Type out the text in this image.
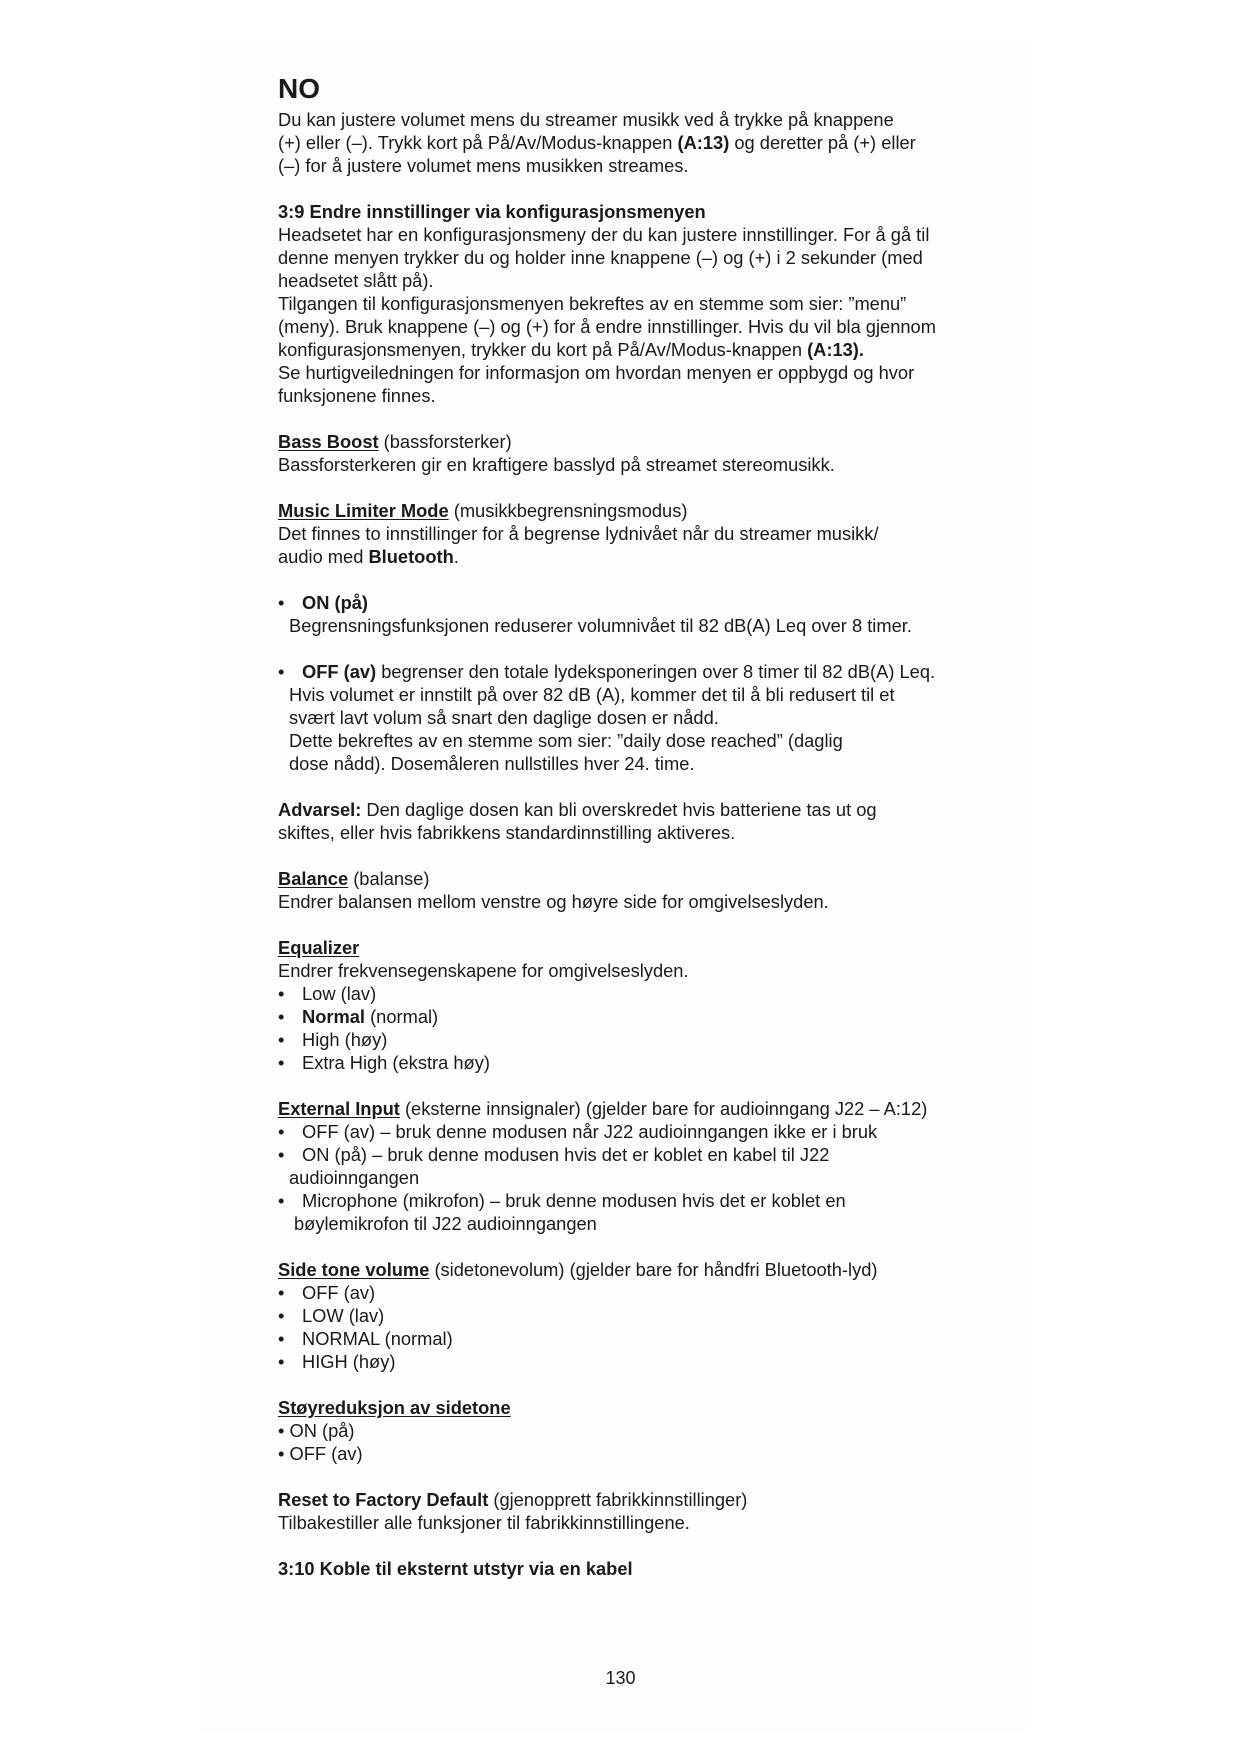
NO

Du kan justere volumet mens du streamer musikk ved å trykke på knappene
(+) eller (–). Trykk kort på På/Av/Modus-knappen (A:13) og deretter på (+) eller
(–) for å justere volumet mens musikken streames.

3:9 Endre innstillinger via konfigurasjonsmenyen

Headsetet har en konfigurasjonsmeny der du kan justere innstillinger. For å gå til
denne menyen trykker du og holder inne knappene (–) og (+) i 2 sekunder (med
headsetet slått på).

Tilgangen til konfigurasjonsmenyen bekreftes av en stemme som sier: ”menu”
(meny). Bruk knappene (–) og (+) for å endre innstillinger. Hvis du vil bla gjennom
konfigurasjonsmenyen, trykker du kort på På/Av/Modus-knappen (A:13).

Se hurtigveiledningen for informasjon om hvordan menyen er oppbygd og hvor
funksjonene finnes.

Bass Boost (bassforsterker)

Bassforsterkeren gir en kraftigere basslyd på streamet stereomusikk.

Music Limiter Mode (musikkbegrensningsmodus)

Det finnes to innstillinger for å begrense lydnivået når du streamer musikk/
audio med Bluetooth.

• ON (på)

Begrensningsfunksjonen reduserer volumnivået til 82 dB(A) Leq over 8 timer.

• OFF (av) begrenser den totale lydeksponeringen over 8 timer til 82 dB(A) Leq.

Hvis volumet er innstilt på over 82 dB (A), kommer det til å bli redusert til et
svært lavt volum så snart den daglige dosen er nådd.
Dette bekreftes av en stemme som sier: ”daily dose reached” (daglig
dose nådd). Dosemåleren nullstilles hver 24. time.

Advarsel: Den daglige dosen kan bli overskredet hvis batteriene tas ut og
skiftes, eller hvis fabrikkens standardinnstilling aktiveres.

Balance (balanse)

Endrer balansen mellom venstre og høyre side for omgivelseslyden.

Equalizer

Endrer frekvensegenskapene for omgivelseslyden.

• Low (lav)
• Normal (normal)
• High (høy)
• Extra High (ekstra høy)

External Input (eksterne innsignaler) (gjelder bare for audioinngang J22 – A:12)

• OFF (av) – bruk denne modusen når J22 audioinngangen ikke er i bruk
• ON (på) – bruk denne modusen hvis det er koblet en kabel til J22

audioinngangen

• Microphone (mikrofon) – bruk denne modusen hvis det er koblet en

bøylemikrofon til J22 audioinngangen

Side tone volume (sidetonevolum) (gjelder bare for håndfri Bluetooth-lyd)

• OFF (av)
• LOW (lav)
• NORMAL (normal)
• HIGH (høy)

Støyreduksjon av sidetone

• ON (på)

• OFF (av)

Reset to Factory Default (gjenopprett fabrikkinnstillinger)

Tilbakestiller alle funksjoner til fabrikkinnstillingene.

3:10 Koble til eksternt utstyr via en kabel

130
